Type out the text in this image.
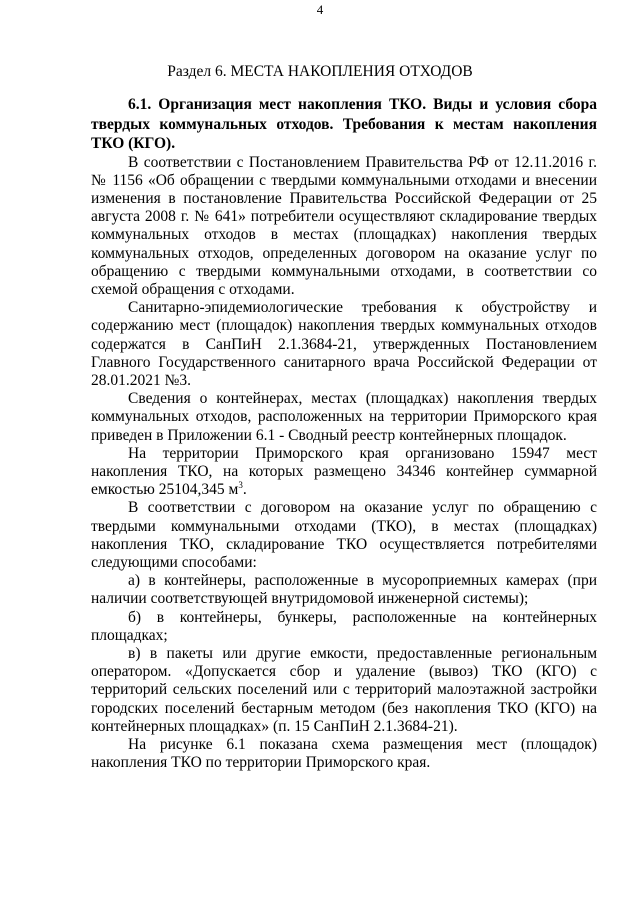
4
Раздел 6. МЕСТА НАКОПЛЕНИЯ ОТХОДОВ

6.1. Организация мест накопления ТКО. Виды и условия сбора твердых коммунальных отходов. Требования к местам накопления ТКО (КГО).

В соответствии с Постановлением Правительства РФ от 12.11.2016 г. № 1156 «Об обращении с твердыми коммунальными отходами и внесении изменения в постановление Правительства Российской Федерации от 25 августа 2008 г. № 641» потребители осуществляют складирование твердых коммунальных отходов в местах (площадках) накопления твердых коммунальных отходов, определенных договором на оказание услуг по обращению с твердыми коммунальными отходами, в соответствии со схемой обращения с отходами.

Санитарно-эпидемиологические требования к обустройству и содержанию мест (площадок) накопления твердых коммунальных отходов содержатся в СанПиН 2.1.3684-21, утвержденных Постановлением Главного Государственного санитарного врача Российской Федерации от 28.01.2021 №3.

Сведения о контейнерах, местах (площадках) накопления твердых коммунальных отходов, расположенных на территории Приморского края приведен в Приложении 6.1 - Сводный реестр контейнерных площадок.

На территории Приморского края организовано 15947 мест накопления ТКО, на которых размещено 34346 контейнер суммарной емкостью 25104,345 $м^3$.

В соответствии с договором на оказание услуг по обращению с твердыми коммунальными отходами (ТКО), в местах (площадках) накопления ТКО, складирование ТКО осуществляется потребителями следующими способами:

а) в контейнеры, расположенные в мусороприемных камерах (при наличии соответствующей внутридомовой инженерной системы);

б) в контейнеры, бункеры, расположенные на контейнерных площадках;

в) в пакеты или другие емкости, предоставленные региональным оператором. «Допускается сбор и удаление (вывоз) ТКО (КГО) с территорий сельских поселений или с территорий малоэтажной застройки городских поселений бестарным методом (без накопления ТКО (КГО) на контейнерных площадках» (п. 15 СанПиН 2.1.3684-21).

На рисунке 6.1 показана схема размещения мест (площадок) накопления ТКО по территории Приморского края.
